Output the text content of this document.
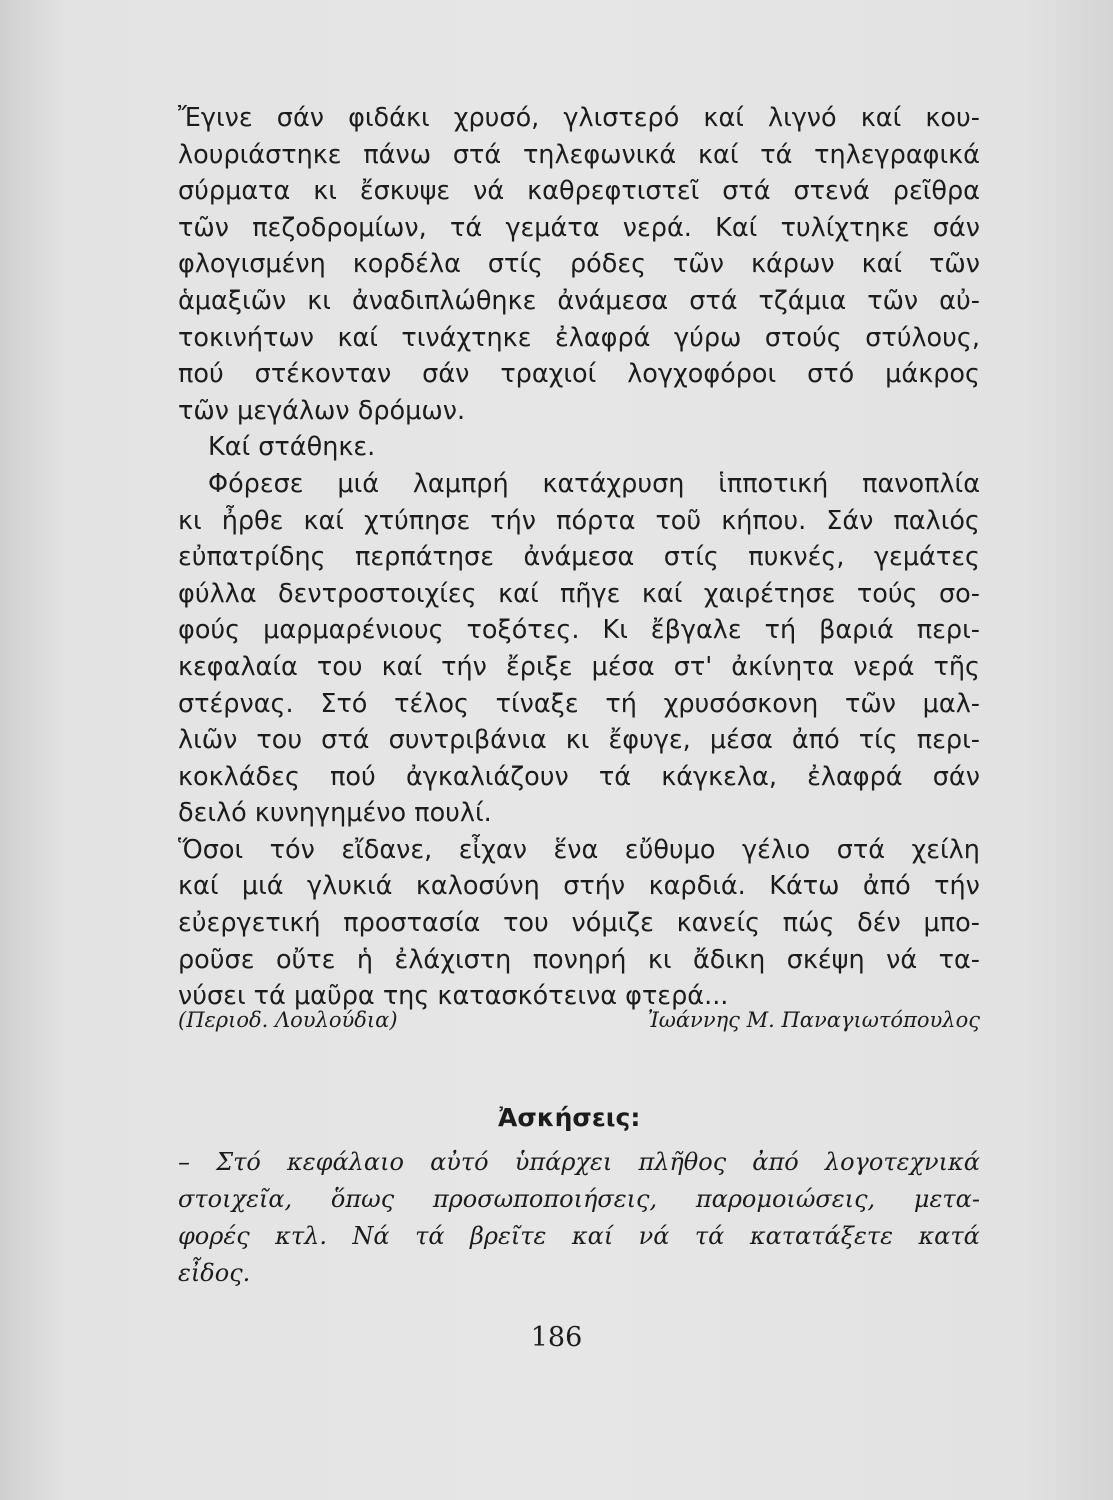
Ἔγινε σάν φιδάκι χρυσό, γλιστερό καί λιγνό καί κου-
λουριάστηκε πάνω στά τηλεφωνικά καί τά τηλεγραφικά
σύρματα κι ἔσκυψε νά καθρεφτιστεῖ στά στενά ρεῖθρα
τῶν πεζοδρομίων, τά γεμάτα νερά. Καί τυλίχτηκε σάν
φλογισμένη κορδέλα στίς ρόδες τῶν κάρων καί τῶν
ἁμαξιῶν κι ἀναδιπλώθηκε ἀνάμεσα στά τζάμια τῶν αὐ-
τοκινήτων καί τινάχτηκε ἐλαφρά γύρω στούς στύλους,
πού στέκονταν σάν τραχιοί λογχοφόροι στό μάκρος
τῶν μεγάλων δρόμων.
Καί στάθηκε.
Φόρεσε μιά λαμπρή κατάχρυση ἱπποτική πανοπλία
κι ἦρθε καί χτύπησε τήν πόρτα τοῦ κήπου. Σάν παλιός
εὐπατρίδης περπάτησε ἀνάμεσα στίς πυκνές, γεμάτες
φύλλα δεντροστοιχίες καί πῆγε καί χαιρέτησε τούς σο-
φούς μαρμαρένιους τοξότες. Κι ἔβγαλε τή βαριά περι-
κεφαλαία του καί τήν ἔριξε μέσα στ' ἀκίνητα νερά τῆς
στέρνας. Στό τέλος τίναξε τή χρυσόσκονη τῶν μαλ-
λιῶν του στά συντριβάνια κι ἔφυγε, μέσα ἀπό τίς περι-
κοκλάδες πού ἀγκαλιάζουν τά κάγκελα, ἐλαφρά σάν
δειλό κυνηγημένο πουλί.
Ὅσοι τόν εἴδανε, εἶχαν ἕνα εὔθυμο γέλιο στά χείλη
καί μιά γλυκιά καλοσύνη στήν καρδιά. Κάτω ἀπό τήν
εὐεργετική προστασία του νόμιζε κανείς πώς δέν μπο-
ροῦσε οὔτε ἡ ἐλάχιστη πονηρή κι ἄδικη σκέψη νά τα-
νύσει τά μαῦρα της κατασκότεινα φτερά...
(Περιοδ. Λουλούδια)	Ἰωάννης Μ. Παναγιωτόπουλος
Ἀσκήσεις:
– Στό κεφάλαιο αὐτό ὑπάρχει πλῆθος ἀπό λογοτεχνικά
στοιχεῖα, ὅπως προσωποποιήσεις, παρομοιώσεις, μετα-
φορές κτλ. Νά τά βρεῖτε καί νά τά κατατάξετε κατά
εἶδος.
186
